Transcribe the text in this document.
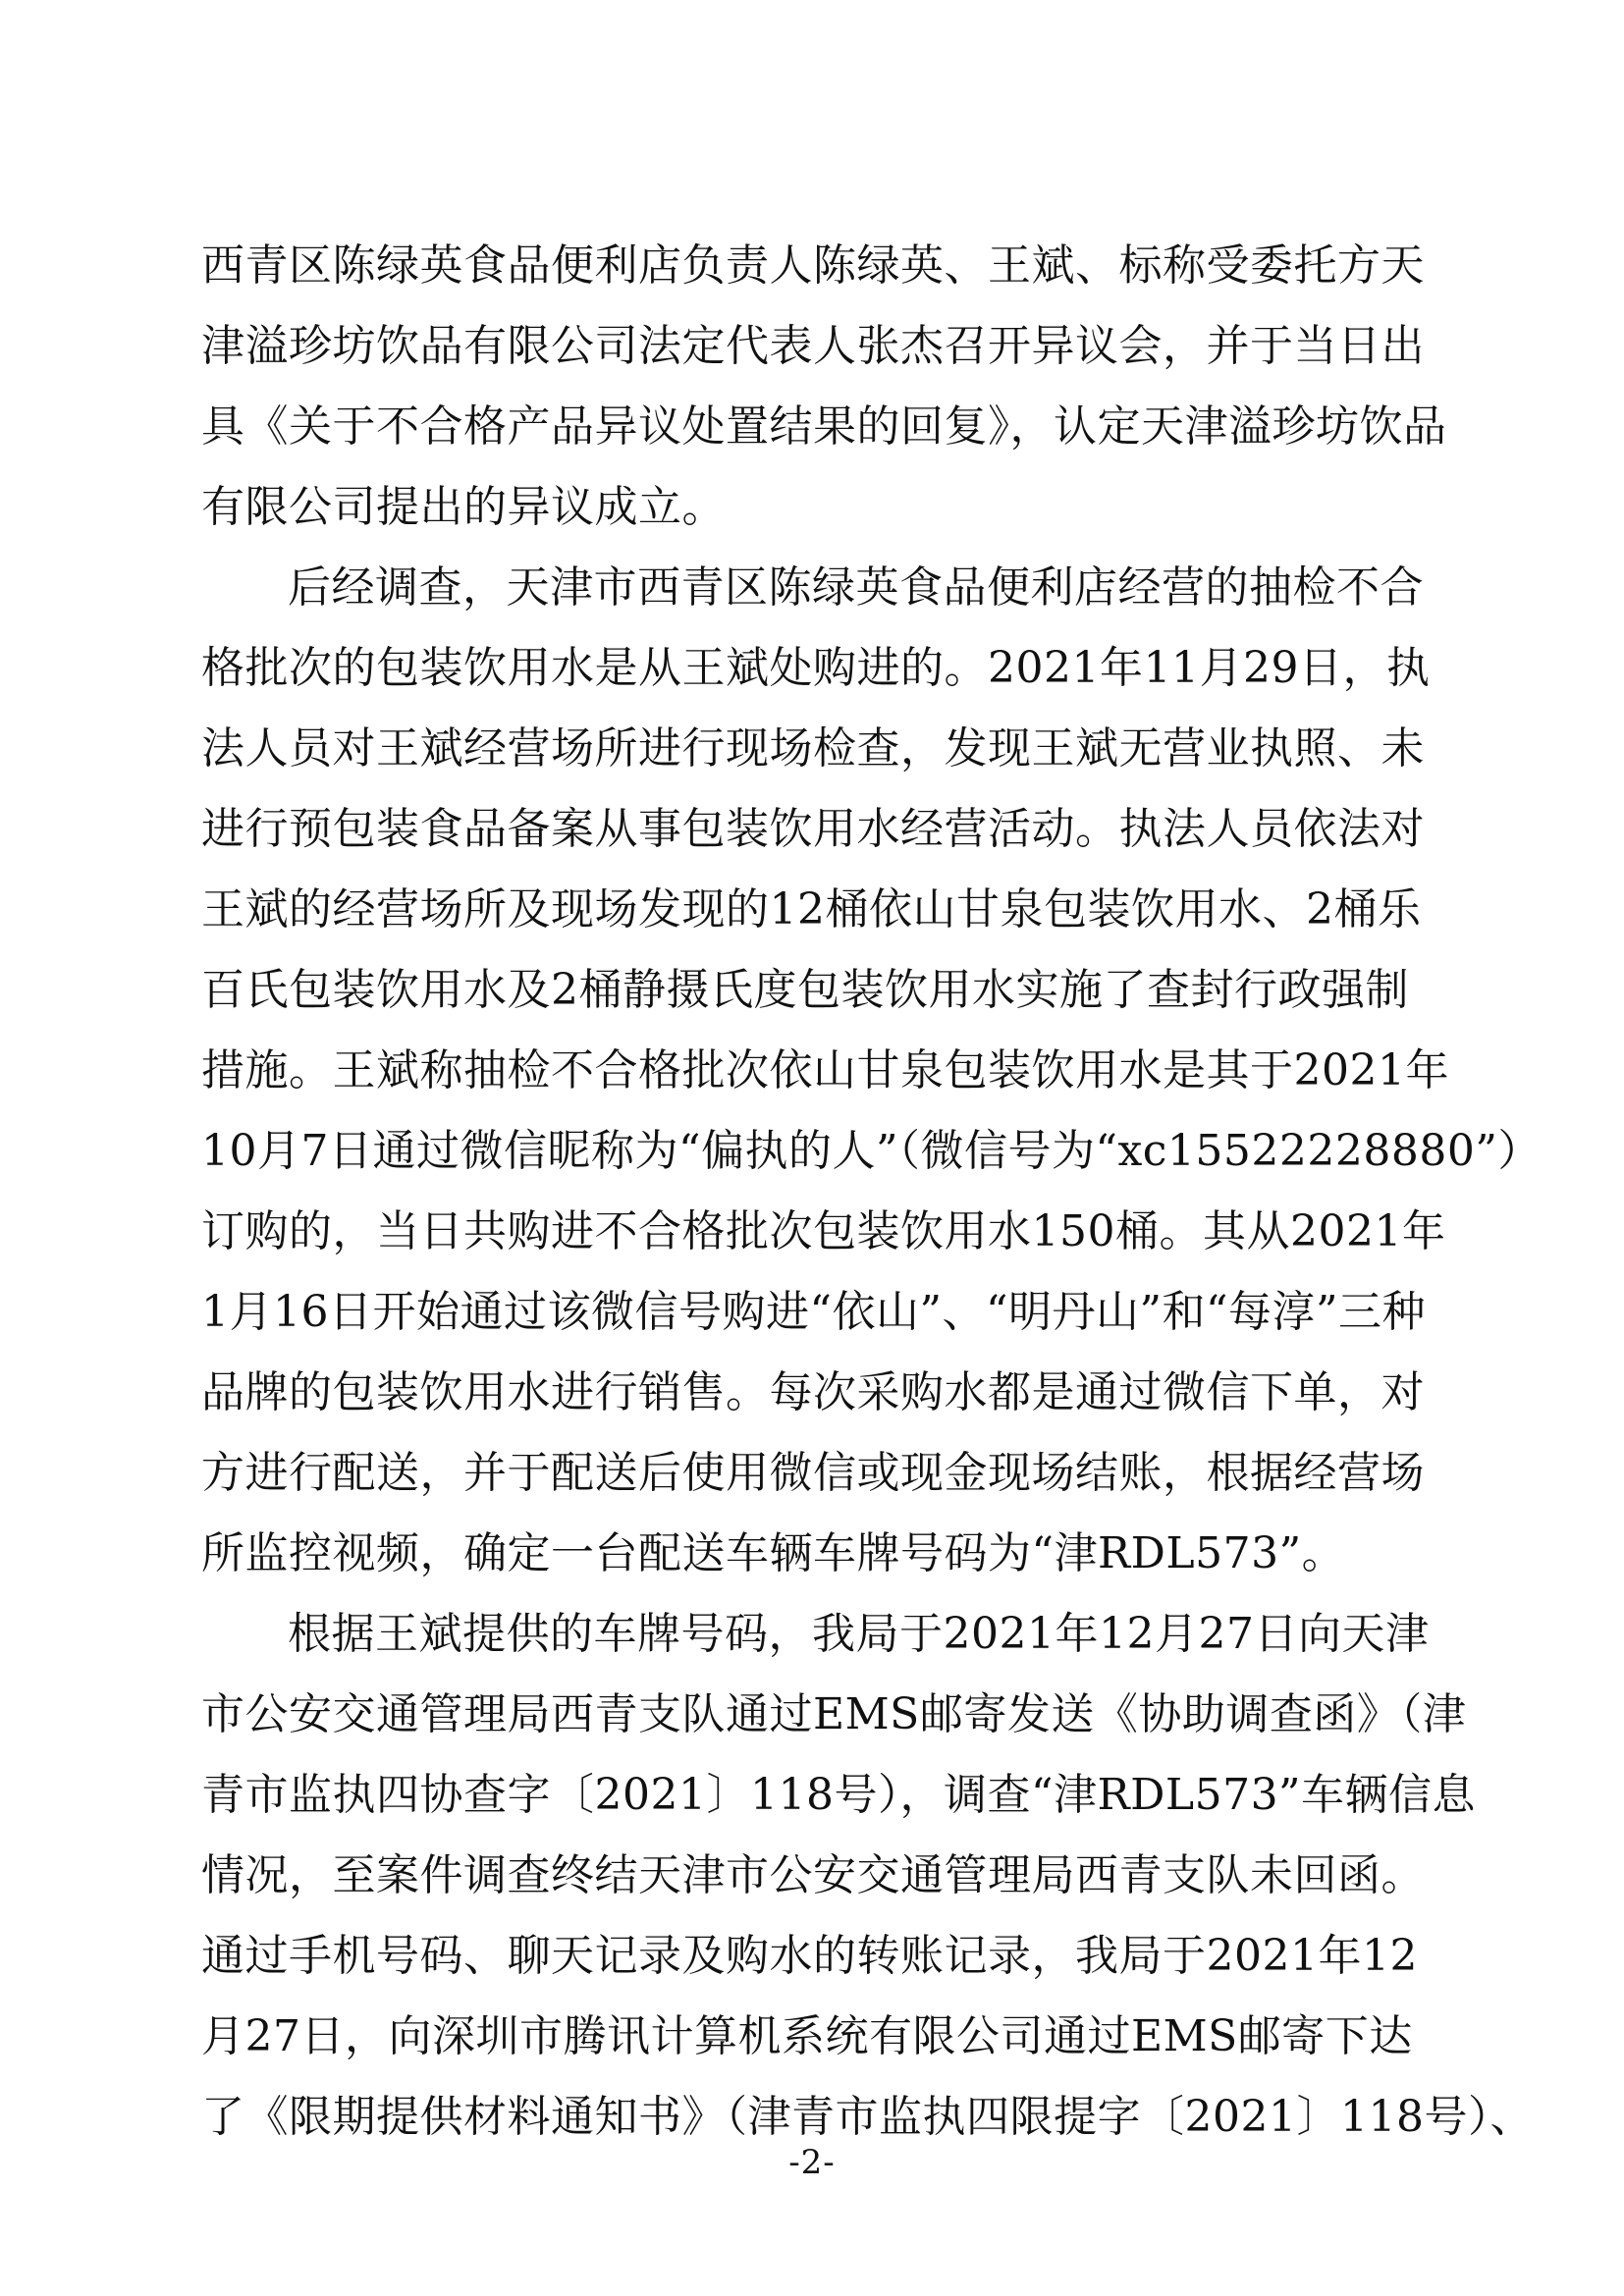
西青区陈绿英食品便利店负责人陈绿英、王斌、标称受委托方天
津溢珍坊饮品有限公司法定代表人张杰召开异议会，并于当日出
具《关于不合格产品异议处置结果的回复》，认定天津溢珍坊饮品
有限公司提出的异议成立。
后经调查，天津市西青区陈绿英食品便利店经营的抽检不合
格批次的包装饮用水是从王斌处购进的。2021年11月29日，执
法人员对王斌经营场所进行现场检查，发现王斌无营业执照、未
进行预包装食品备案从事包装饮用水经营活动。执法人员依法对
王斌的经营场所及现场发现的12桶依山甘泉包装饮用水、2桶乐
百氏包装饮用水及2桶静摄氏度包装饮用水实施了查封行政强制
措施。王斌称抽检不合格批次依山甘泉包装饮用水是其于2021年
10月7日通过微信昵称为“偏执的人”（微信号为“xc15522228880”）
订购的，当日共购进不合格批次包装饮用水150桶。其从2021年
1月16日开始通过该微信号购进“依山”、“明丹山”和“每淳”三种
品牌的包装饮用水进行销售。每次采购水都是通过微信下单，对
方进行配送，并于配送后使用微信或现金现场结账，根据经营场
所监控视频，确定一台配送车辆车牌号码为“津RDL573”。
根据王斌提供的车牌号码，我局于2021年12月27日向天津
市公安交通管理局西青支队通过EMS邮寄发送《协助调查函》（津
青市监执四协查字〔2021〕118号），调查“津RDL573”车辆信息
情况，至案件调查终结天津市公安交通管理局西青支队未回函。
通过手机号码、聊天记录及购水的转账记录，我局于2021年12
月27日，向深圳市腾讯计算机系统有限公司通过EMS邮寄下达
了《限期提供材料通知书》（津青市监执四限提字〔2021〕118号）、
-2-
